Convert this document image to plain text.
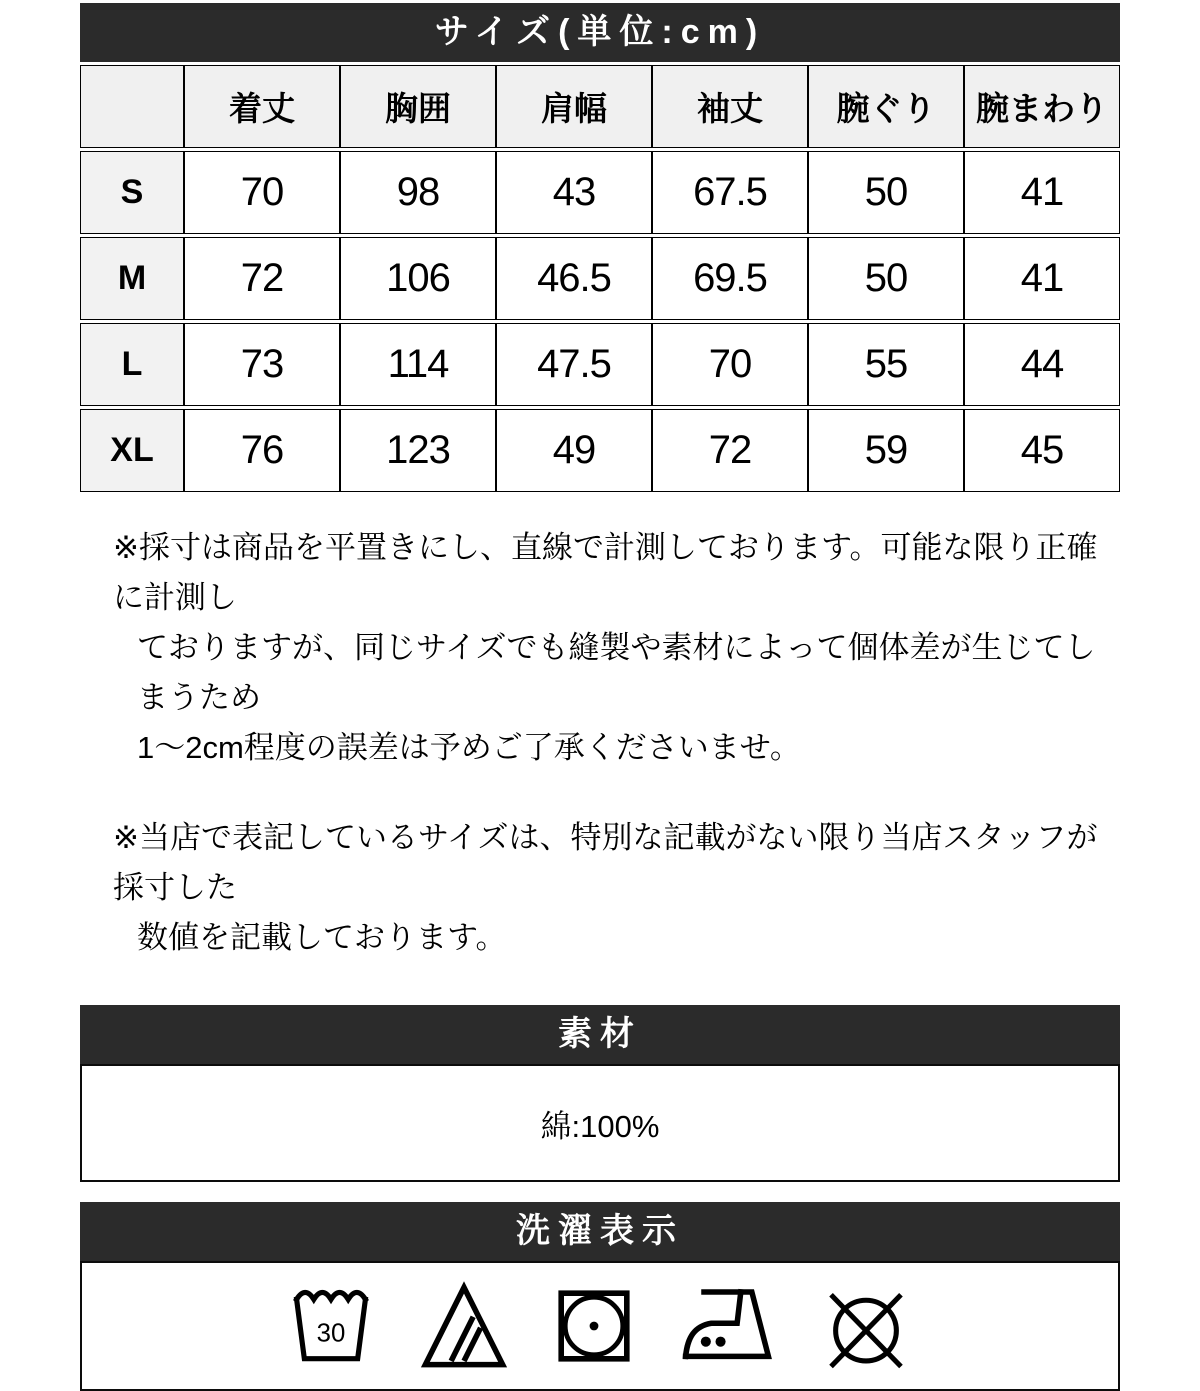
サイズ(単位:cm)
	着丈	胸囲	肩幅	袖丈	腕ぐり	腕まわり
S	70	98	43	67.5	50	41
M	72	106	46.5	69.5	50	41
L	73	114	47.5	70	55	44
XL	76	123	49	72	59	45

※採寸は商品を平置きにし、直線で計測しております。可能な限り正確に計測し
ておりますが、同じサイズでも縫製や素材によって個体差が生じてしまうため
1〜2cm程度の誤差は予めご了承くださいませ。

※当店で表記しているサイズは、特別な記載がない限り当店スタッフが採寸した
数値を記載しております。

素材
綿:100%
洗濯表示
30
